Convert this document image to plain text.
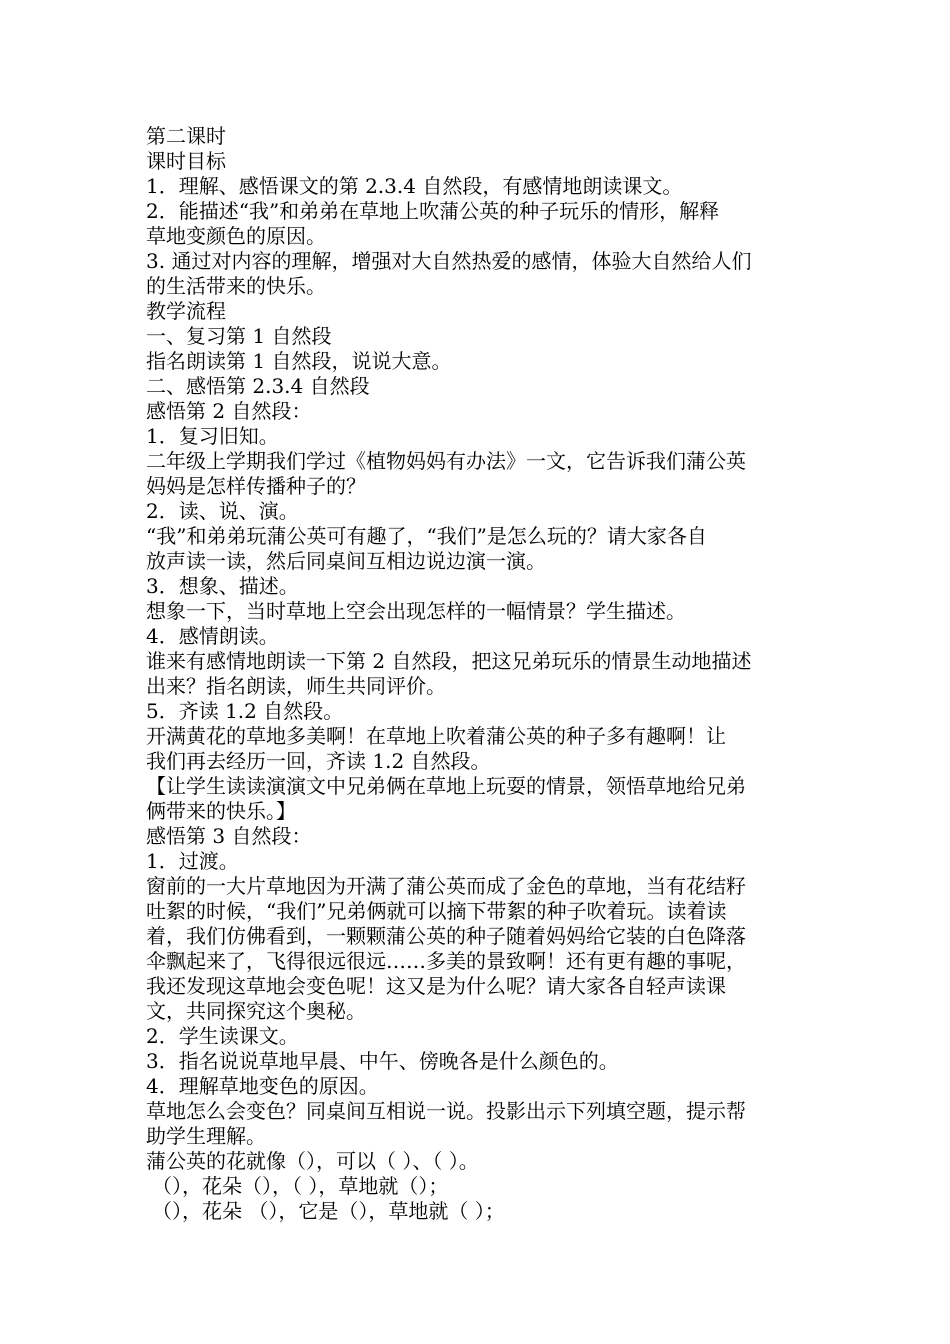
第二课时
课时目标
1．理解、感悟课文的第 2.3.4 自然段，有感情地朗读课文。
2．能描述“我”和弟弟在草地上吹蒲公英的种子玩乐的情形，解释
草地变颜色的原因。
3. 通过对内容的理解，增强对大自然热爱的感情，体验大自然给人们
的生活带来的快乐。
教学流程
一、复习第 1 自然段
指名朗读第 1 自然段，说说大意。
二、感悟第 2.3.4 自然段
感悟第 2 自然段：
1．复习旧知。
二年级上学期我们学过《植物妈妈有办法》一文，它告诉我们蒲公英
妈妈是怎样传播种子的？
2．读、说、演。
“我”和弟弟玩蒲公英可有趣了，“我们”是怎么玩的？请大家各自
放声读一读，然后同桌间互相边说边演一演。
3．想象、描述。
想象一下，当时草地上空会出现怎样的一幅情景？学生描述。
4．感情朗读。
谁来有感情地朗读一下第 2 自然段，把这兄弟玩乐的情景生动地描述
出来？指名朗读，师生共同评价。
5．齐读 1.2 自然段。
开满黄花的草地多美啊！在草地上吹着蒲公英的种子多有趣啊！让
我们再去经历一回，齐读 1.2 自然段。
【让学生读读演演文中兄弟俩在草地上玩耍的情景，领悟草地给兄弟
俩带来的快乐。】
感悟第 3 自然段：
1．过渡。
窗前的一大片草地因为开满了蒲公英而成了金色的草地，当有花结籽
吐絮的时候，“我们”兄弟俩就可以摘下带絮的种子吹着玩。读着读
着，我们仿佛看到，一颗颗蒲公英的种子随着妈妈给它装的白色降落
伞飘起来了，飞得很远很远……多美的景致啊！还有更有趣的事呢，
我还发现这草地会变色呢！这又是为什么呢？请大家各自轻声读课
文，共同探究这个奥秘。
2．学生读课文。
3．指名说说草地早晨、中午、傍晚各是什么颜色的。
4．理解草地变色的原因。
草地怎么会变色？同桌间互相说一说。投影出示下列填空题，提示帮
助学生理解。
蒲公英的花就像（），可以（ ）、（ ）。
（），花朵（），（ ），草地就（）；
（），花朵 （），它是（），草地就（ ）；
